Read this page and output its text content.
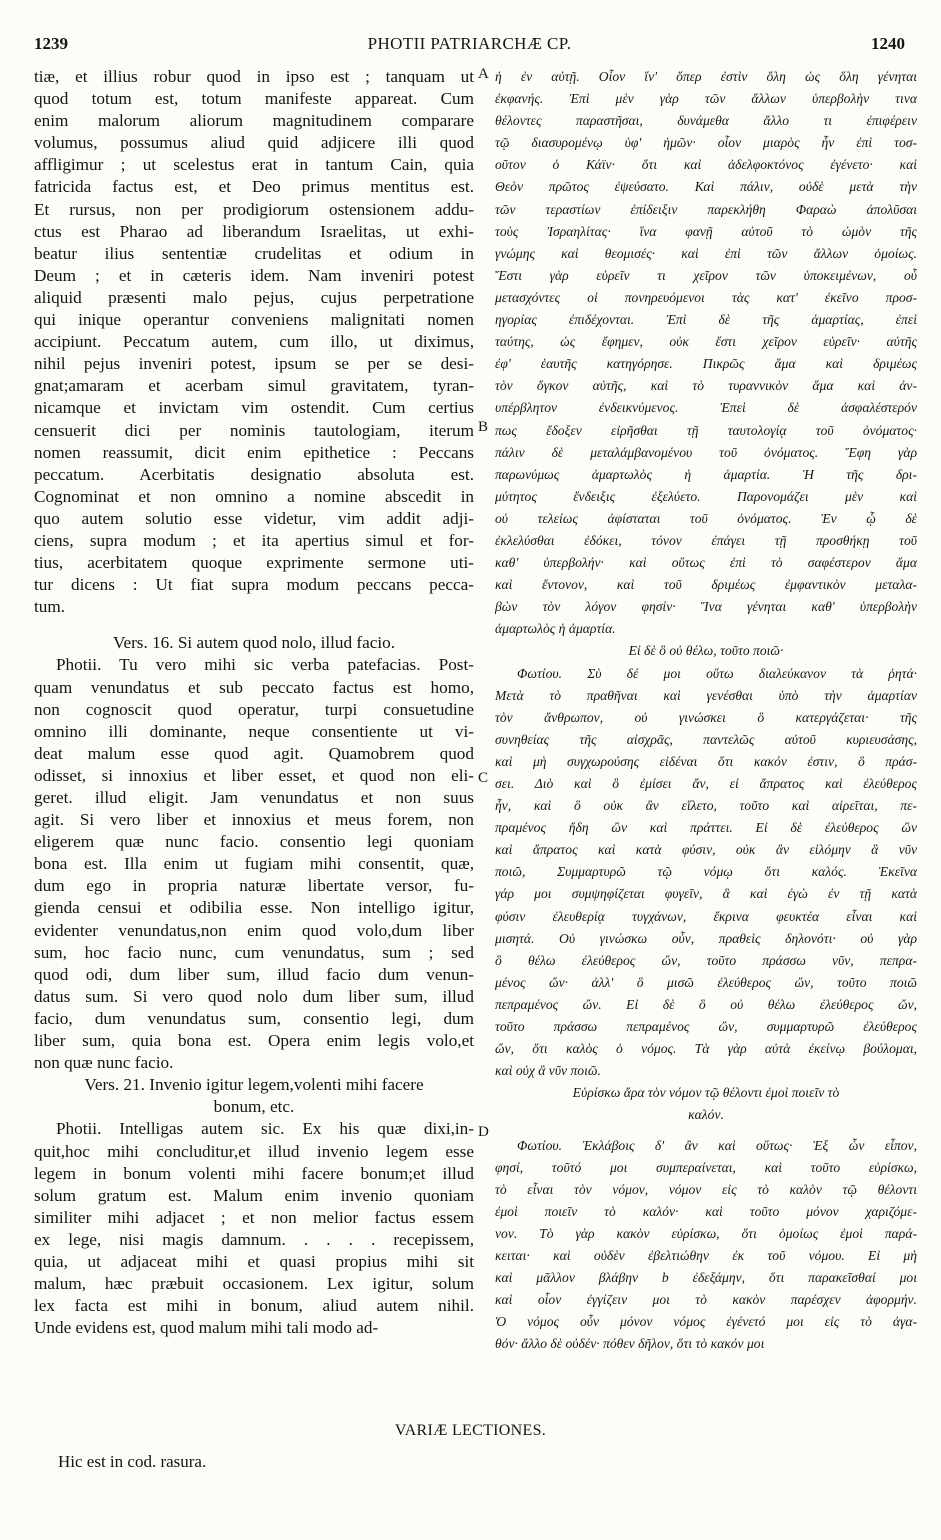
1239	PHOTII PATRIARCHÆ CP.	1240
A
B
C
D
tiæ, et illius robur quod in ipso est ; tanquam ut
quod totum est, totum manifeste appareat. Cum
enim malorum aliorum magnitudinem comparare
volumus, possumus aliud quid adjicere illi quod
affligimur ; ut scelestus erat in tantum Cain, quia
fatricida factus est, et Deo primus mentitus est.
Et rursus, non per prodigiorum ostensionem addu-
ctus est Pharao ad liberandum Israelitas, ut exhi-
beatur ilius sententiæ crudelitas et odium in
Deum ; et in cæteris idem. Nam inveniri potest
aliquid præsenti malo pejus, cujus perpetratione
qui inique operantur conveniens malignitati nomen
accipiunt. Peccatum autem, cum illo, ut diximus,
nihil pejus inveniri potest, ipsum se per se desi-
gnat;amaram et acerbam simul gravitatem, tyran-
nicamque et invictam vim ostendit. Cum certius
censuerit dici per nominis tautologiam, iterum
nomen reassumit, dicit enim epithetice : Peccans
peccatum. Acerbitatis designatio absoluta est.
Cognominat et non omnino a nomine abscedit in
quo autem solutio esse videtur, vim addit adji-
ciens, supra modum ; et ita apertius simul et for-
tius, acerbitatem quoque exprimente sermone uti-
tur dicens : Ut fiat supra modum peccans pecca-
tum.
Vers. 16. Si autem quod nolo, illud facio.
Photii. Tu vero mihi sic verba patefacias. Post-
quam venundatus et sub peccato factus est homo,
non cognoscit quod operatur, turpi consuetudine
omnino illi dominante, neque consentiente ut vi-
deat malum esse quod agit. Quamobrem quod
odisset, si innoxius et liber esset, et quod non eli-
geret. illud eligit. Jam venundatus et non suus
agit. Si vero liber et innoxius et meus forem, non
eligerem quæ nunc facio. consentio legi quoniam
bona est. Illa enim ut fugiam mihi consentit, quæ,
dum ego in propria naturæ libertate versor, fu-
gienda censui et odibilia esse. Non intelligo igitur,
evidenter venundatus,non enim quod volo,dum liber
sum, hoc facio nunc, cum venundatus, sum ; sed
quod odi, dum liber sum, illud facio dum venun-
datus sum. Si vero quod nolo dum liber sum, illud
facio, dum venundatus sum, consentio legi, dum
liber sum, quia bona est. Opera enim legis volo,et
non quæ nunc facio.
Vers. 21. Invenio igitur legem,volenti mihi facere
bonum, etc.
Photii. Intelligas autem sic. Ex his quæ dixi,in-
quit,hoc mihi concluditur,et illud invenio legem esse
legem in bonum volenti mihi facere bonum;et illud
solum gratum est. Malum enim invenio quoniam
similiter mihi adjacet ; et non melior factus essem
ex lege, nisi magis damnum. . . . . recepissem,
quia, ut adjaceat mihi et quasi propius mihi sit
malum, hæc præbuit occasionem. Lex igitur, solum
lex facta est mihi in bonum, aliud autem nihil.
Unde evidens est, quod malum mihi tali modo ad-
ἡ ἐν αὐτῇ. Οἷον ἵν' ὅπερ ἐστὶν ὅλη ὡς ὅλη γένηται
ἐκφανής. Ἐπὶ μὲν γὰρ τῶν ἄλλων ὑπερβολὴν τινα
θέλοντες παραστῆσαι, δυνάμεθα ἄλλο τι ἐπιφέρειν
τῷ διασυρομένῳ ὑφ' ἡμῶν· οἷον μιαρὸς ἦν ἐπὶ τοσ-
οῦτον ὁ Κάϊν· ὅτι καὶ ἀδελφοκτόνος ἐγένετο· καὶ
Θεὸν πρῶτος ἐψεύσατο. Καὶ πάλιν, οὐδὲ μετὰ τὴν
τῶν τεραστίων ἐπίδειξιν παρεκλήθη Φαραὼ ἀπολῦσαι
τοὺς Ἰσραηλίτας· ἵνα φανῇ αὐτοῦ τὸ ὠμὸν τῆς
γνώμης καὶ θεομισές· καὶ ἐπὶ τῶν ἄλλων ὁμοίως.
Ἔστι γὰρ εὑρεῖν τι χεῖρον τῶν ὑποκειμένων, οὗ
μετασχόντες οἱ πονηρευόμενοι τὰς κατ' ἐκεῖνο προσ-
ηγορίας ἐπιδέχονται. Ἐπὶ δὲ τῆς ἁμαρτίας, ἐπεὶ
ταύτης, ὡς ἔφημεν, οὐκ ἔστι χεῖρον εὑρεῖν· αὐτῆς
ἐφ' ἑαυτῆς κατηγόρησε. Πικρῶς ἅμα καὶ δριμέως
τὸν ὄγκον αὐτῆς, καὶ τὸ τυραννικὸν ἅμα καὶ ἀν-
υπέρβλητον ἐνδεικνύμενος. Ἐπεὶ δὲ ἀσφαλέστερόν
πως ἔδοξεν εἰρῆσθαι τῇ ταυτολογίᾳ τοῦ ὀνόματος·
πάλιν δὲ μεταλάμβανομένου τοῦ ὀνόματος. Ἔφη γὰρ
παρωνύμως ἁμαρτωλὸς ἡ ἁμαρτία. Ἡ τῆς δρι-
μύτητος ἔνδειξις ἐξελύετο. Παρονομάζει μὲν καὶ
οὐ τελείως ἀφίσταται τοῦ ὀνόματος. Ἐν ᾧ δὲ
ἐκλελύσθαι ἐδόκει, τόνον ἐπάγει τῇ προσθήκῃ τοῦ
καθ' ὑπερβολήν· καὶ οὕτως ἐπὶ τὸ σαφέστερον ἅμα
καὶ ἔντονον, καὶ τοῦ δριμέως ἐμφαντικὸν μεταλα-
βὼν τὸν λόγον φησίν· Ἵνα γένηται καθ' ὑπερβολὴν
ἁμαρτωλὸς ἡ ἁμαρτία.
Εἰ δὲ ὃ οὐ θέλω, τοῦτο ποιῶ·
Φωτίου. Σὺ δέ μοι οὕτω διαλεύκανον τὰ ῥητά·
Μετὰ τὸ πραθῆναι καὶ γενέσθαι ὑπὸ τὴν ἁμαρτίαν
τὸν ἄνθρωπον, οὐ γινώσκει ὃ κατεργάζεται· τῆς
συνηθείας τῆς αἰσχρᾶς, παντελῶς αὐτοῦ κυριευσάσης,
καὶ μὴ συγχωρούσης εἰδέναι ὅτι κακόν ἐστιν, ὃ πράσ-
σει. Διὸ καὶ ὃ ἐμίσει ἄν, εἰ ἄπρατος καὶ ἐλεύθερος
ἦν, καὶ ὃ οὐκ ἂν εἵλετο, τοῦτο καὶ αἱρεῖται, πε-
πραμένος ἤδη ὢν καὶ πράττει. Εἰ δὲ ἐλεύθερος ὢν
καὶ ἄπρατος καὶ κατὰ φύσιν, οὐκ ἂν εἱλόμην ἃ νῦν
ποιῶ, Συμμαρτυρῶ τῷ νόμῳ ὅτι καλός. Ἐκεῖνα
γάρ μοι συμψηφίζεται φυγεῖν, ἃ καὶ ἐγὼ ἐν τῇ κατὰ
φύσιν ἐλευθερίᾳ τυγχάνων, ἔκρινα φευκτέα εἶναι καὶ
μισητά. Οὐ γινώσκω οὖν, πραθεὶς δηλονότι· οὐ γὰρ
ὃ θέλω ἐλεύθερος ὤν, τοῦτο πράσσω νῦν, πεπρα-
μένος ὤν· ἀλλ' ὃ μισῶ ἐλεύθερος ὤν, τοῦτο ποιῶ
πεπραμένος ὤν. Εἰ δὲ ὃ οὐ θέλω ἐλεύθερος ὤν,
τοῦτο πράσσω πεπραμένος ὤν, συμμαρτυρῶ ἐλεύθερος
ὤν, ὅτι καλὸς ὁ νόμος. Τὰ γὰρ αὐτὰ ἐκείνῳ βούλομαι,
καὶ οὐχ ἃ νῦν ποιῶ.
Εὑρίσκω ἄρα τὸν νόμον τῷ θέλοντι ἐμοὶ ποιεῖν τὸ
καλόν.
Φωτίου. Ἐκλάβοις δ' ἂν καὶ οὕτως· Ἐξ ὧν εἶπον,
φησί, τοῦτό μοι συμπεραίνεται, καὶ τοῦτο εὑρίσκω,
τὸ εἶναι τὸν νόμον, νόμον εἰς τὸ καλὸν τῷ θέλοντι
ἐμοὶ ποιεῖν τὸ καλόν· καὶ τοῦτο μόνον χαριζόμε-
νον. Τὸ γὰρ κακὸν εὑρίσκω, ὅτι ὁμοίως ἐμοὶ παρά-
κειται· καὶ οὐδὲν ἐβελτιώθην ἐκ τοῦ νόμου. Εἰ μὴ
καὶ μᾶλλον βλάβην b ἐδεξάμην, ὅτι παρακεῖσθαί μοι
καὶ οἷον ἐγγίζειν μοι τὸ κακὸν παρέσχεν ἀφορμήν.
Ὁ νόμος οὖν μόνον νόμος ἐγένετό μοι εἰς τὸ ἀγα-
θόν· ἄλλο δὲ οὐδέν· πόθεν δῆλον, ὅτι τὸ κακόν μοι
VARIÆ LECTIONES.
Hic est in cod. rasura.
